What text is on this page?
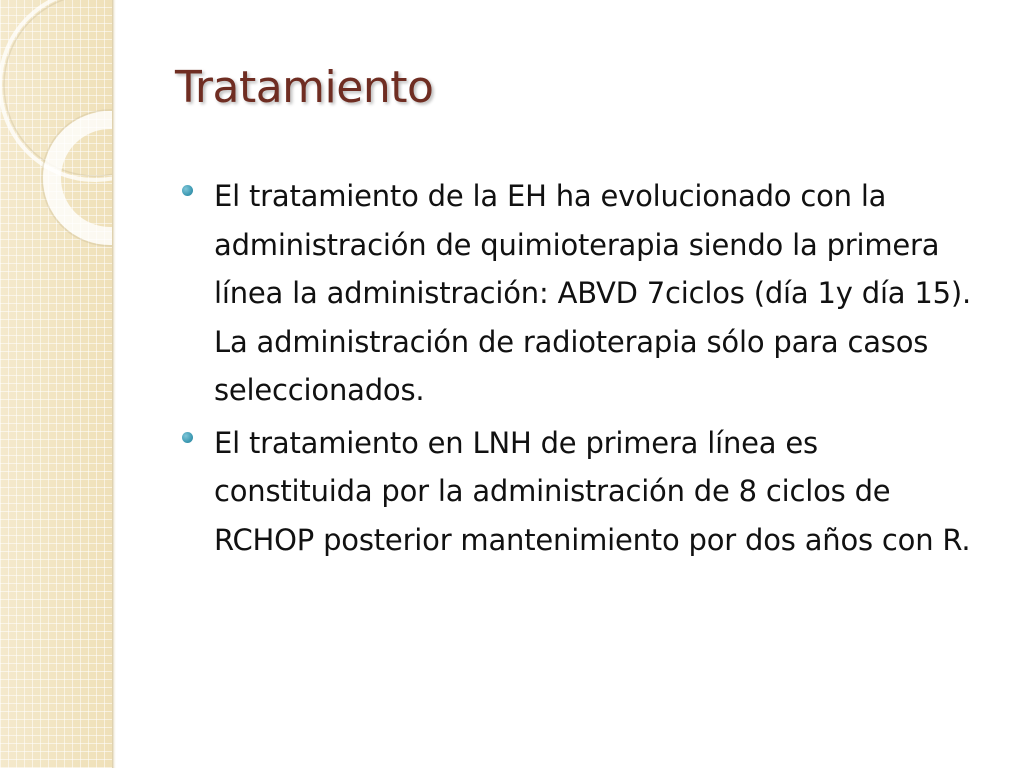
Tratamiento
El tratamiento de la EH ha evolucionado con la administración de quimioterapia siendo la primera línea la administración: ABVD 7ciclos (día 1y día 15). La administración de radioterapia sólo para casos seleccionados.
El tratamiento en LNH de primera línea es constituida por la administración de 8 ciclos de RCHOP posterior mantenimiento por dos años con R.
